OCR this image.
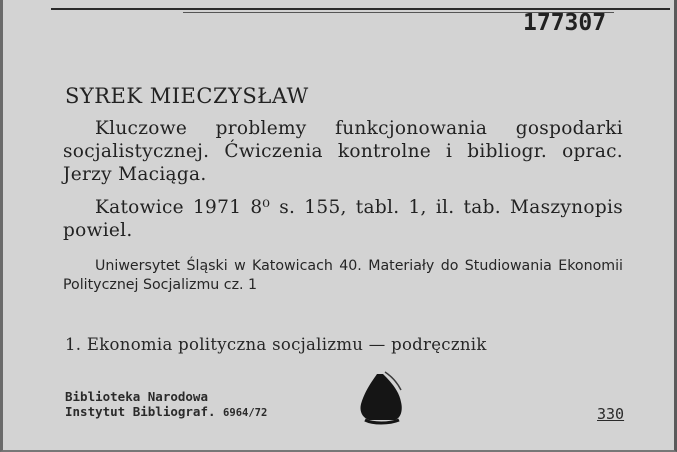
177307
SYREK MIECZYSŁAW
Kluczowe problemy funkcjonowania gospodarki socjalistycznej. Ćwiczenia kontrolne i bibliogr. oprac. Jerzy Maciąga.
Katowice 1971 8⁰ s. 155, tabl. 1, il. tab. Maszynopis powiel.
Uniwersytet Śląski w Katowicach 40. Materiały do Studiowania Ekonomii Politycznej Socjalizmu cz. 1
1. Ekonomia polityczna socjalizmu — podręcznik
Biblioteka Narodowa
Instytut Bibliograf. 6964/72	330
